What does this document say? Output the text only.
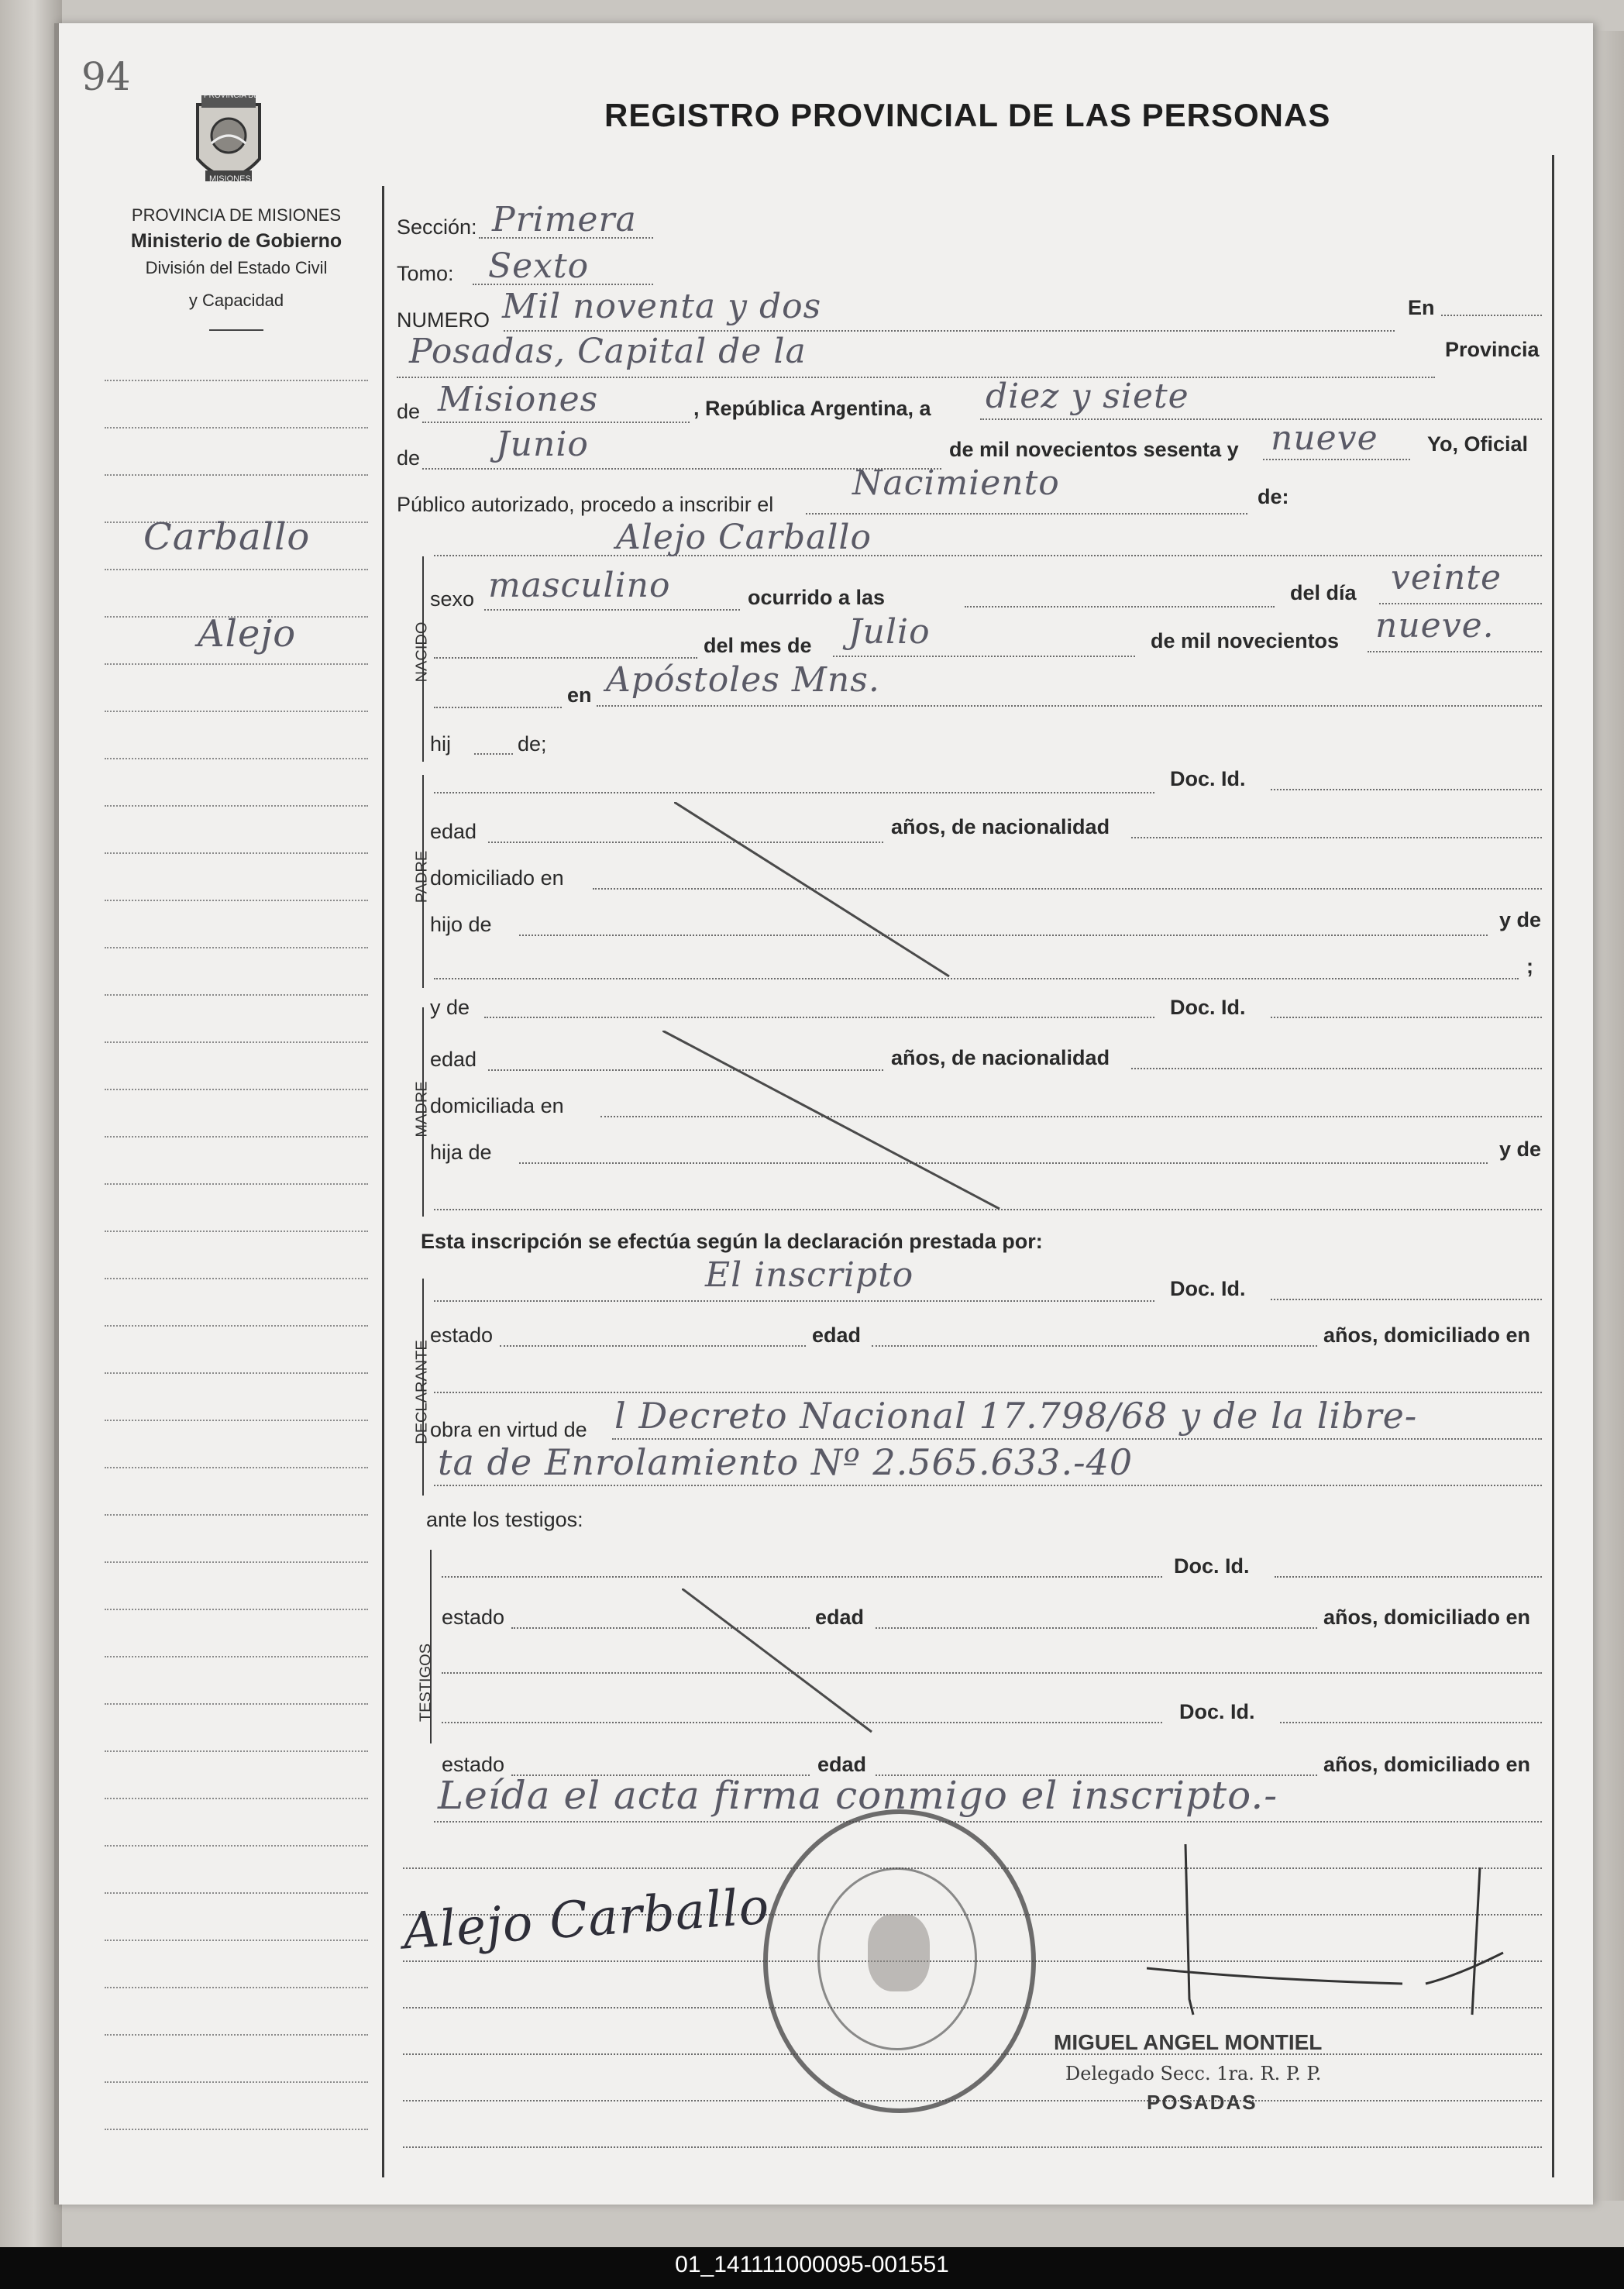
94	PROVINCIA DE
MISIONES
PROVINCIA DE MISIONES
Ministerio de Gobierno
División del Estado Civil
y Capacidad
REGISTRO PROVINCIAL DE LAS PERSONAS
Carballo
Alejo
Sección: Primera
Tomo: Sexto
NUMERO Mil noventa y dos	En
Posadas, Capital de la	Provincia
de Misiones	, República Argentina, a diez y siete
de Junio	de mil novecientos sesenta y nueve Yo, Oficial
Público autorizado, procedo a inscribir el
Nacimiento	de:
NACIDO
Alejo Carballo
sexo masculino	ocurrido a las	del día veinte
del mes de Julio	de mil novecientos nueve.
en Apóstoles Mns.
hij	de;
PADRE
Doc. Id.
edad	años, de nacionalidad
domiciliado en
hijo de	y de
;
y de	Doc. Id.
MADRE
edad	años, de nacionalidad
domiciliada en
hija de	y de
Esta inscripción se efectúa según la declaración prestada por:
DECLARANTE
El inscripto	Doc. Id.
estado	edad	años, domiciliado en
obra en virtud de l Decreto Nacional 17.798/68 y de la libre-
ta de Enrolamiento Nº 2.565.633.-40
ante los testigos:
TESTIGOS
Doc. Id.
estado	edad	años, domiciliado en
Doc. Id.
estado	edad	años, domiciliado en
Leída el acta firma conmigo el inscripto.-
Alejo Carballo
MIGUEL ANGEL MONTIEL
Delegado Secc. 1ra. R. P. P.
POSADAS
01_141111000095-001551
